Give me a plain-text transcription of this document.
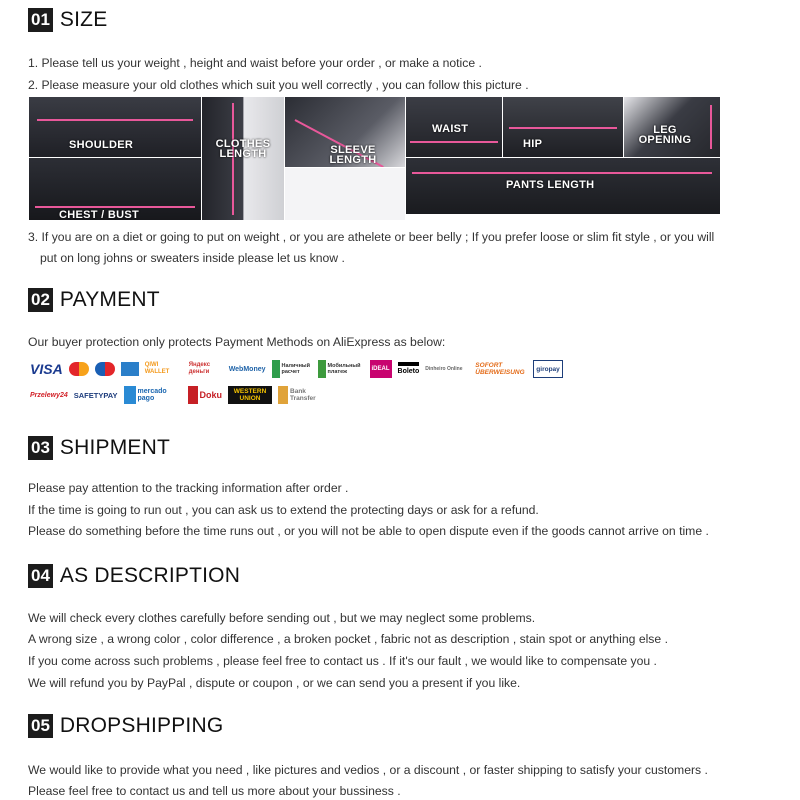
01 SIZE
1. Please tell us your weight , height and waist before your order , or make a notice .
2. Please measure your old clothes which suit you well correctly , you can follow this picture .
SHOULDER
CHEST / BUST
CLOTHES LENGTH	SLEEVE LENGTH
WAIST
HIP
LEG OPENING
PANTS LENGTH
3. If you are on a diet or going to put on weight , or you are athelete or beer belly ; If you prefer loose or slim fit style , or you will
put on long johns or sweaters inside please let us know .
02 PAYMENT
Our buyer protection only protects Payment Methods on AliExpress as below:
VISA	QIWI WALLET
Яндекс деньги	WebMoney	Наличный расчет
Мобильный платеж	iDEAL Boleto Dinheiro Online	SOFORT ÜBERWEISUNG	giropay
Przelewy24 SAFETYPAY	mercado pago	Doku	WESTERN UNION
Bank Transfer
03 SHIPMENT
Please pay attention to the tracking information after order .
If the time is going to run out , you can ask us to extend the protecting days or ask for a refund.
Please do something before the time runs out , or you will not be able to open dispute even if the goods cannot arrive on time .
04 AS DESCRIPTION
We will check every clothes carefully before sending out , but we may neglect some problems.
A wrong size , a wrong color , color difference , a broken pocket , fabric not as description , stain spot or anything else .
If you come across such problems , please feel free to contact us . If it's our fault , we would like to compensate you .
We will refund you by PayPal , dispute or coupon , or we can send you a present if you like.
05 DROPSHIPPING
We would like to provide what you need , like pictures and vedios , or a discount , or faster shipping to satisfy your customers .
Please feel free to contact us and tell us more about your bussiness .
